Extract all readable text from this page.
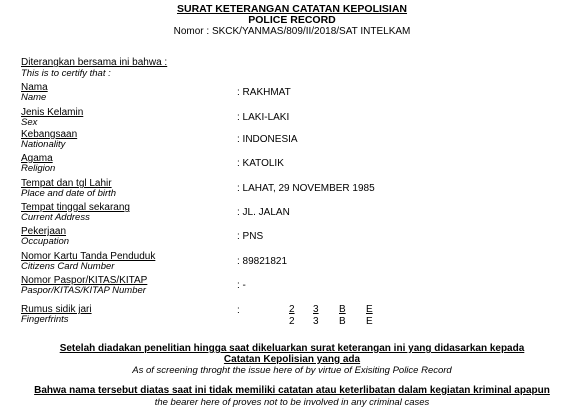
SURAT KETERANGAN CATATAN KEPOLISIAN
POLICE RECORD
Nomor : SKCK/YANMAS/809/II/2018/SAT INTELKAM
Diterangkan bersama ini bahwa :
This is to certify that :
Nama
Name	: RAKHMAT
Jenis Kelamin
Sex	: LAKI-LAKI
Kebangsaan
Nationality	: INDONESIA
Agama
Religion	: KATOLIK
Tempat dan tgl Lahir
Place and date of birth	: LAHAT, 29 NOVEMBER 1985
Tempat tinggal sekarang
Current Address	: JL. JALAN
Pekerjaan
Occupation	: PNS
Nomor Kartu Tanda Penduduk
Citizens Card Number	: 89821821
Nomor Paspor/KITAS/KITAP
Paspor/KITAS/KITAP Number	: -
Rumus sidik jari
Fingerfrints
:	2 3 B E
2 3 B E
Setelah diadakan penelitian hingga saat dikeluarkan surat keterangan ini yang didasarkan kepada
Catatan Kepolisian yang ada
As of screening throght the issue here of by virtue of Exisiting Police Record
Bahwa nama tersebut diatas saat ini tidak memiliki catatan atau keterlibatan dalam kegiatan kriminal apapun
the bearer here of proves not to be involved in any criminal cases
